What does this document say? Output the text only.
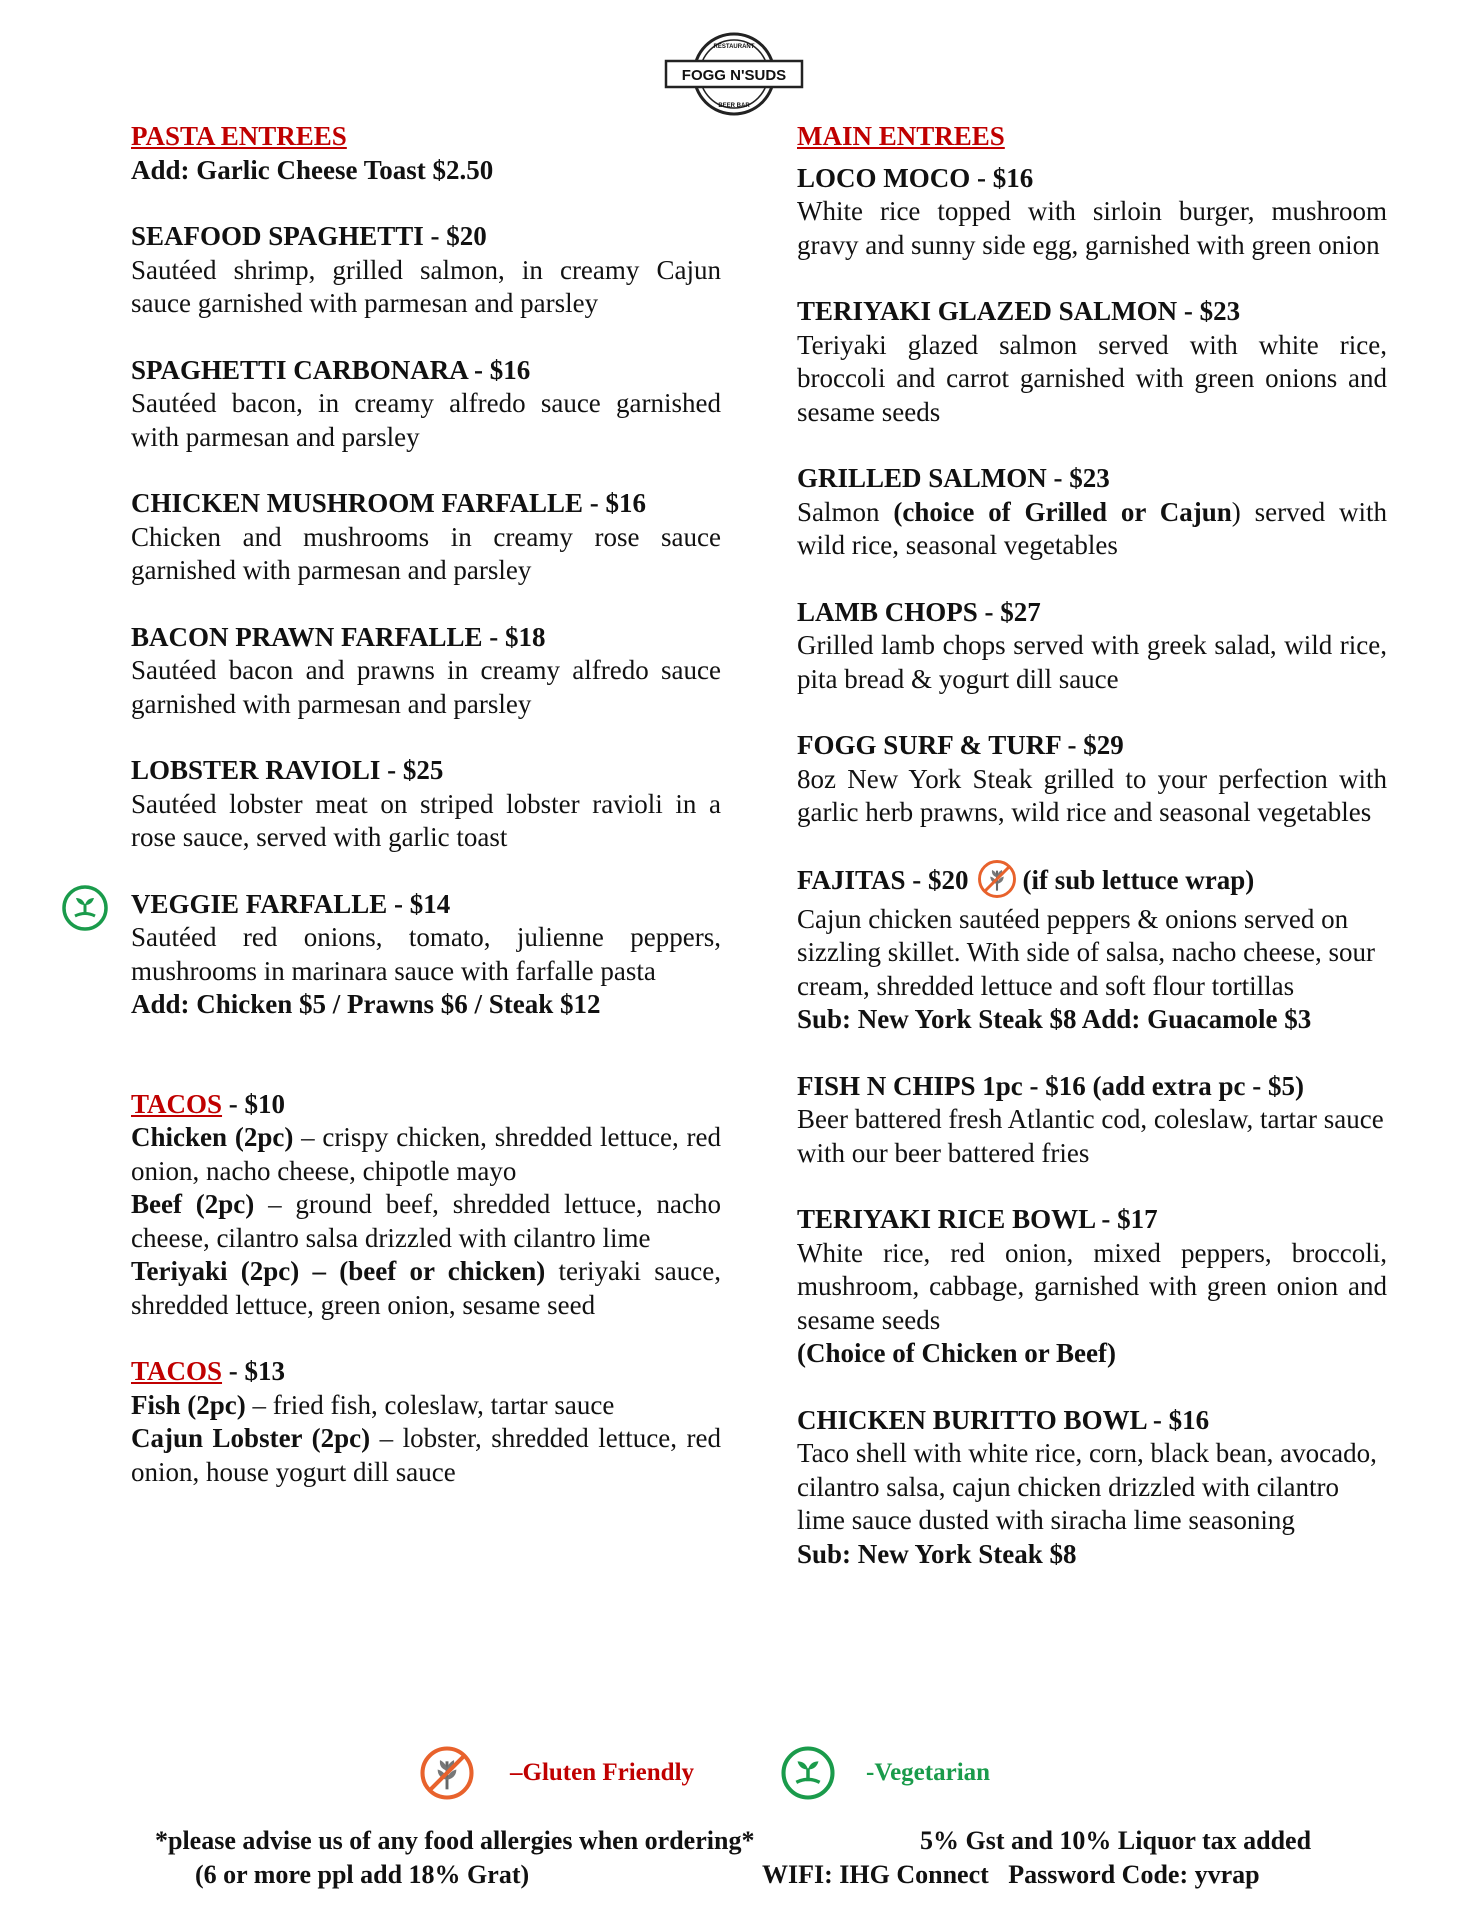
FOGG N'SUDS
RESTAURANT
BEER BAR
PASTA ENTREES
Add: Garlic Cheese Toast $2.50
SEAFOOD SPAGHETTI - $20
Sautéed shrimp, grilled salmon, in creamy Cajun sauce garnished with parmesan and parsley
SPAGHETTI CARBONARA - $16
Sautéed bacon, in creamy alfredo sauce garnished with parmesan and parsley
CHICKEN MUSHROOM FARFALLE - $16
Chicken and mushrooms in creamy rose sauce garnished with parmesan and parsley
BACON PRAWN FARFALLE - $18
Sautéed bacon and prawns in creamy alfredo sauce garnished with parmesan and parsley
LOBSTER RAVIOLI - $25
Sautéed lobster meat on striped lobster ravioli in a rose sauce, served with garlic toast
VEGGIE FARFALLE - $14
Sautéed red onions, tomato, julienne peppers, mushrooms in marinara sauce with farfalle pasta
Add: Chicken $5 / Prawns $6 / Steak $12
TACOS - $10
Chicken (2pc) – crispy chicken, shredded lettuce, red onion, nacho cheese, chipotle mayo
Beef (2pc) – ground beef, shredded lettuce, nacho cheese, cilantro salsa drizzled with cilantro lime
Teriyaki (2pc) – (beef or chicken) teriyaki sauce, shredded lettuce, green onion, sesame seed
TACOS - $13
Fish (2pc) – fried fish, coleslaw, tartar sauce
Cajun Lobster (2pc) – lobster, shredded lettuce, red onion, house yogurt dill sauce
MAIN ENTREES
LOCO MOCO - $16
White rice topped with sirloin burger, mushroom gravy and sunny side egg, garnished with green onion
TERIYAKI GLAZED SALMON - $23
Teriyaki glazed salmon served with white rice, broccoli and carrot garnished with green onions and sesame seeds
GRILLED SALMON - $23
Salmon (choice of Grilled or Cajun) served with wild rice, seasonal vegetables
LAMB CHOPS - $27
Grilled lamb chops served with greek salad, wild rice, pita bread & yogurt dill sauce
FOGG SURF & TURF - $29
8oz New York Steak grilled to your perfection with garlic herb prawns, wild rice and seasonal vegetables
FAJITAS - $20 (if sub lettuce wrap)
Cajun chicken sautéed peppers & onions served on sizzling skillet. With side of salsa, nacho cheese, sour cream, shredded lettuce and soft flour tortillas
Sub: New York Steak $8 Add: Guacamole $3
FISH N CHIPS 1pc - $16 (add extra pc - $5)
Beer battered fresh Atlantic cod, coleslaw, tartar sauce with our beer battered fries
TERIYAKI RICE BOWL - $17
White rice, red onion, mixed peppers, broccoli, mushroom, cabbage, garnished with green onion and sesame seeds
(Choice of Chicken or Beef)
CHICKEN BURITTO BOWL - $16
Taco shell with white rice, corn, black bean, avocado, cilantro salsa, cajun chicken drizzled with cilantro lime sauce dusted with siracha lime seasoning
Sub: New York Steak $8
–Gluten Friendly	-Vegetarian
*please advise us of any food allergies when ordering*
(6 or more ppl add 18% Grat)
5% Gst and 10% Liquor tax added
WIFI: IHG Connect   Password Code: yvrap
